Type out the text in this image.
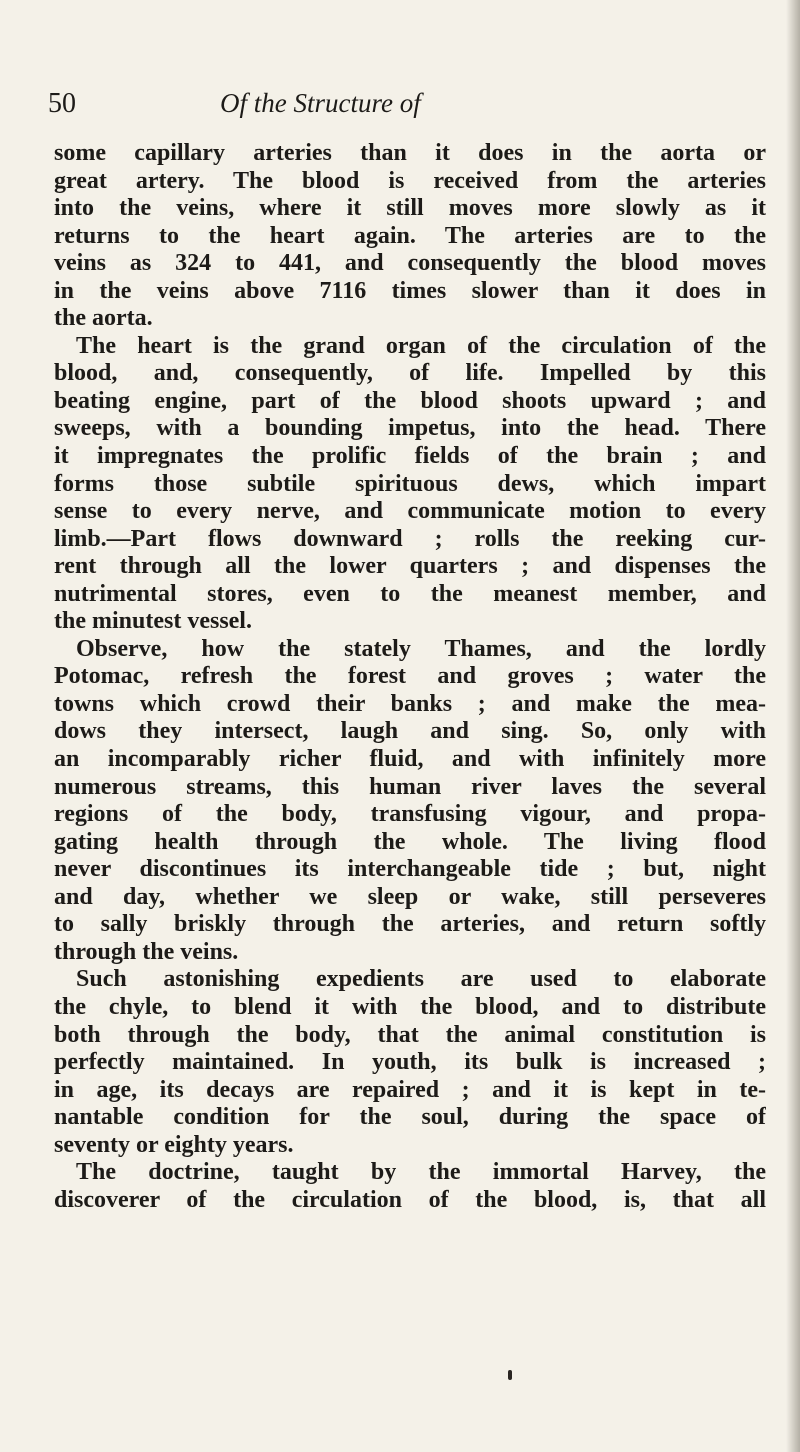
50	Of the Structure of
some capillary arteries than it does in the aorta or
great artery. The blood is received from the arteries
into the veins, where it still moves more slowly as it
returns to the heart again. The arteries are to the
veins as 324 to 441, and consequently the blood moves
in the veins above 7116 times slower than it does in
the aorta.
The heart is the grand organ of the circulation of the
blood, and, consequently, of life. Impelled by this
beating engine, part of the blood shoots upward ; and
sweeps, with a bounding impetus, into the head. There
it impregnates the prolific fields of the brain ; and
forms those subtile spirituous dews, which impart
sense to every nerve, and communicate motion to every
limb.—Part flows downward ; rolls the reeking cur-
rent through all the lower quarters ; and dispenses the
nutrimental stores, even to the meanest member, and
the minutest vessel.
Observe, how the stately Thames, and the lordly
Potomac, refresh the forest and groves ; water the
towns which crowd their banks ; and make the mea-
dows they intersect, laugh and sing. So, only with
an incomparably richer fluid, and with infinitely more
numerous streams, this human river laves the several
regions of the body, transfusing vigour, and propa-
gating health through the whole. The living flood
never discontinues its interchangeable tide ; but, night
and day, whether we sleep or wake, still perseveres
to sally briskly through the arteries, and return softly
through the veins.
Such astonishing expedients are used to elaborate
the chyle, to blend it with the blood, and to distribute
both through the body, that the animal constitution is
perfectly maintained. In youth, its bulk is increased ;
in age, its decays are repaired ; and it is kept in te-
nantable condition for the soul, during the space of
seventy or eighty years.
The doctrine, taught by the immortal Harvey, the
discoverer of the circulation of the blood, is, that all
